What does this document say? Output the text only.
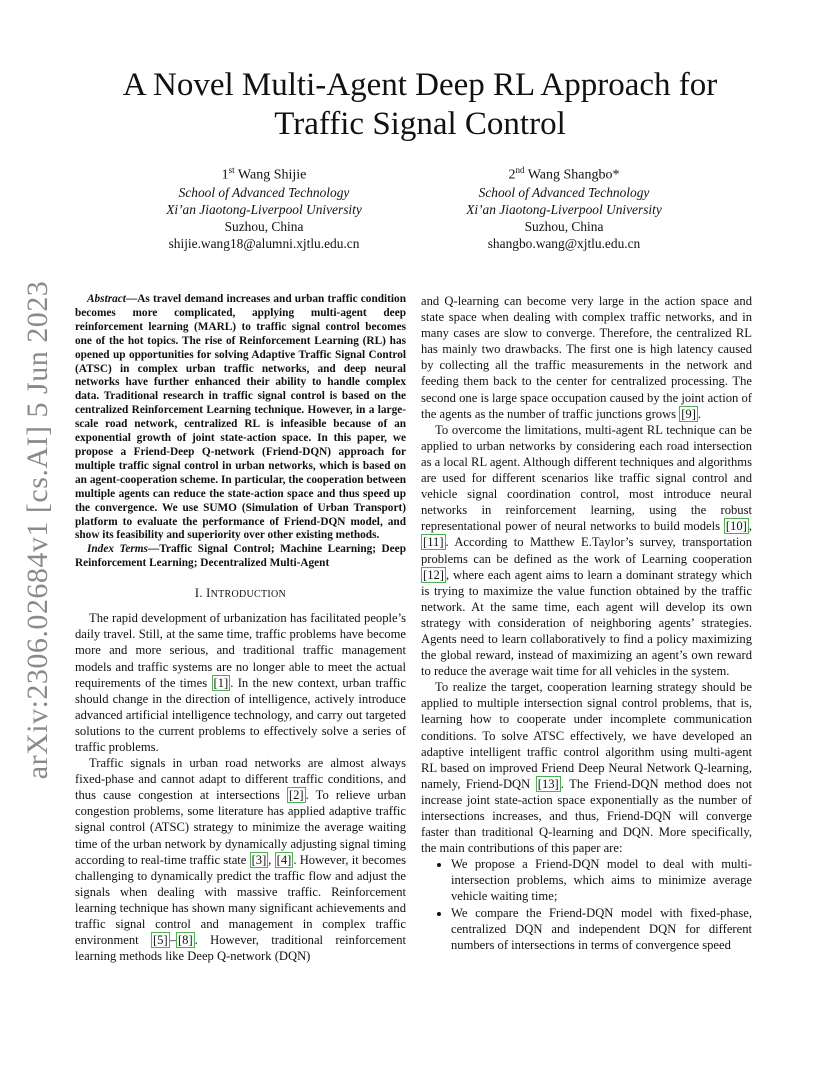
arXiv:2306.02684v1 [cs.AI] 5 Jun 2023
A Novel Multi-Agent Deep RL Approach for
Traffic Signal Control
1st Wang Shijie
School of Advanced Technology
Xi’an Jiaotong-Liverpool University
Suzhou, China
shijie.wang18@alumni.xjtlu.edu.cn
2nd Wang Shangbo*
School of Advanced Technology
Xi’an Jiaotong-Liverpool University
Suzhou, China
shangbo.wang@xjtlu.edu.cn

Abstract—As travel demand increases and urban traffic condition becomes more complicated, applying multi-agent deep reinforcement learning (MARL) to traffic signal control becomes one of the hot topics. The rise of Reinforcement Learning (RL) has opened up opportunities for solving Adaptive Traffic Signal Control (ATSC) in complex urban traffic networks, and deep neural networks have further enhanced their ability to handle complex data. Traditional research in traffic signal control is based on the centralized Reinforcement Learning technique. However, in a large-scale road network, centralized RL is infeasible because of an exponential growth of joint state-action space. In this paper, we propose a Friend-Deep Q-network (Friend-DQN) approach for multiple traffic signal control in urban networks, which is based on an agent-cooperation scheme. In particular, the cooperation between multiple agents can reduce the state-action space and thus speed up the convergence. We use SUMO (Simulation of Urban Transport) platform to evaluate the performance of Friend-DQN model, and show its feasibility and superiority over other existing methods.

Index Terms—Traffic Signal Control; Machine Learning; Deep Reinforcement Learning; Decentralized Multi-Agent

I. INTRODUCTION

The rapid development of urbanization has facilitated people’s daily travel. Still, at the same time, traffic problems have become more and more serious, and traditional traffic management models and traffic systems are no longer able to meet the actual requirements of the times [1] . In the new context, urban traffic should change in the direction of intelligence, actively introduce advanced artificial intelligence technology, and carry out targeted solutions to the current problems to effectively solve a series of traffic problems.

Traffic signals in urban road networks are almost always fixed-phase and cannot adapt to different traffic conditions, and thus cause congestion at intersections [2] . To relieve urban congestion problems, some literature has applied adaptive traffic signal control (ATSC) strategy to minimize the average waiting time of the urban network by dynamically adjusting signal timing according to real-time traffic state [3] , [4] . However, it becomes challenging to dynamically predict the traffic flow and adjust the signals when dealing with massive traffic. Reinforcement learning technique has shown many significant achievements and traffic signal control and management in complex traffic environment [5] – [8] . However, traditional reinforcement learning methods like Deep Q-network (DQN)

and Q-learning can become very large in the action space and state space when dealing with complex traffic networks, and in many cases are slow to converge. Therefore, the centralized RL has mainly two drawbacks. The first one is high latency caused by collecting all the traffic measurements in the network and feeding them back to the center for centralized processing. The second one is large space occupation caused by the joint action of the agents as the number of traffic junctions grows [9] .

To overcome the limitations, multi-agent RL technique can be applied to urban networks by considering each road intersection as a local RL agent. Although different techniques and algorithms are used for different scenarios like traffic signal control and vehicle signal coordination control, most introduce neural networks in reinforcement learning, using the robust representational power of neural networks to build models [10] , [11] . According to Matthew E.Taylor’s survey, transportation problems can be defined as the work of Learning cooperation [12] , where each agent aims to learn a dominant strategy which is trying to maximize the value function obtained by the traffic network. At the same time, each agent will develop its own strategy with consideration of neighboring agents’ strategies. Agents need to learn collaboratively to find a policy maximizing the global reward, instead of maximizing an agent’s own reward to reduce the average wait time for all vehicles in the system.

To realize the target, cooperation learning strategy should be applied to multiple intersection signal control problems, that is, learning how to cooperate under incomplete communication conditions. To solve ATSC effectively, we have developed an adaptive intelligent traffic control algorithm using multi-agent RL based on improved Friend Deep Neural Network Q-learning, namely, Friend-DQN [13] . The Friend-DQN method does not increase joint state-action space exponentially as the number of intersections increases, and thus, Friend-DQN will converge faster than traditional Q-learning and DQN. More specifically, the main contributions of this paper are:

• We propose a Friend-DQN model to deal with multi-intersection problems, which aims to minimize average vehicle waiting time;
• We compare the Friend-DQN model with fixed-phase, centralized DQN and independent DQN for different numbers of intersections in terms of convergence speed
